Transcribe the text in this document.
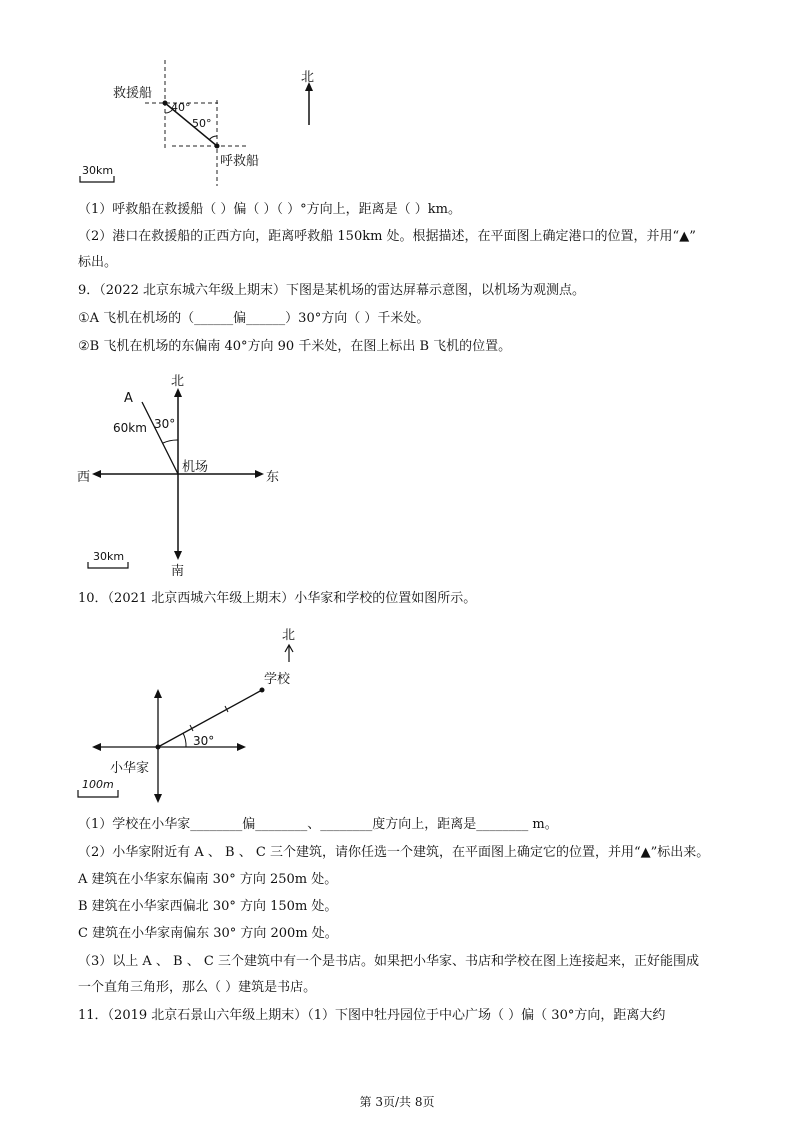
救援船
40°
50°
呼救船
北
30km
（1）呼救船在救援船（ ）偏（ ）（ ）°方向上，距离是（ ）km。
（2）港口在救援船的正西方向，距离呼救船 150km 处。根据描述，在平面图上确定港口的位置，并用“▲”
标出。
9．（2022 北京东城六年级上期末）下图是某机场的雷达屏幕示意图，以机场为观测点。
①A 飞机在机场的（______偏______）30°方向（ ）千米处。
②B 飞机在机场的东偏南 40°方向 90 千米处，在图上标出 B 飞机的位置。
北
南
西	东
机场
A
60km 30°
30km
10．（2021 北京西城六年级上期末）小华家和学校的位置如图所示。
北
学校
30°
小华家
100m
（1）学校在小华家________偏________、________度方向上，距离是________ m。
（2）小华家附近有 A 、 B 、 C 三个建筑，请你任选一个建筑，在平面图上确定它的位置，并用“▲”标出来。
A 建筑在小华家东偏南 30° 方向 250m 处。
B 建筑在小华家西偏北 30° 方向 150m 处。
C 建筑在小华家南偏东 30° 方向 200m 处。
（3）以上 A 、 B 、 C 三个建筑中有一个是书店。如果把小华家、书店和学校在图上连接起来，正好能围成
一个直角三角形，那么（ ）建筑是书店。
11．（2019 北京石景山六年级上期末）（1）下图中牡丹园位于中心广场（ ）偏（ 30°方向，距离大约
第 3页/共 8页
